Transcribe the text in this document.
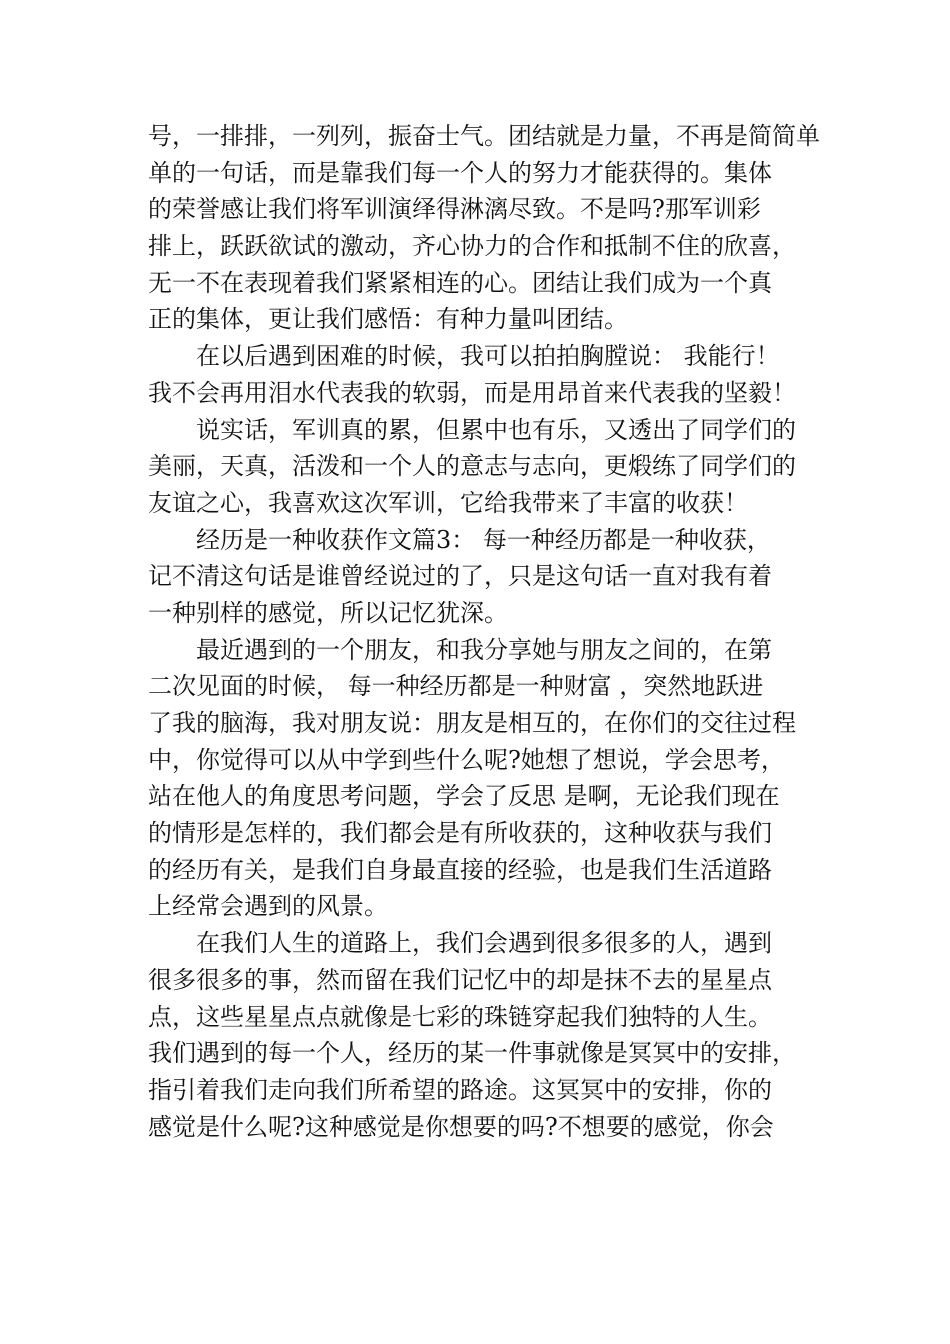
号，一排排，一列列，振奋士气。团结就是力量，不再是简简单
单的一句话，而是靠我们每一个人的努力才能获得的。集体
的荣誉感让我们将军训演绎得淋漓尽致。不是吗?那军训彩
排上，跃跃欲试的激动，齐心协力的合作和抵制不住的欣喜，
无一不在表现着我们紧紧相连的心。团结让我们成为一个真
正的集体，更让我们感悟：有种力量叫团结。
在以后遇到困难的时候，我可以拍拍胸膛说： 我能行！
我不会再用泪水代表我的软弱，而是用昂首来代表我的坚毅！
说实话，军训真的累，但累中也有乐，又透出了同学们的
美丽，天真，活泼和一个人的意志与志向，更煅练了同学们的
友谊之心，我喜欢这次军训，它给我带来了丰富的收获！
经历是一种收获作文篇3： 每一种经历都是一种收获，
记不清这句话是谁曾经说过的了，只是这句话一直对我有着
一种别样的感觉，所以记忆犹深。
最近遇到的一个朋友，和我分享她与朋友之间的，在第
二次见面的时候， 每一种经历都是一种财富 ，突然地跃进
了我的脑海，我对朋友说：朋友是相互的，在你们的交往过程
中，你觉得可以从中学到些什么呢?她想了想说，学会思考，
站在他人的角度思考问题，学会了反思 是啊，无论我们现在
的情形是怎样的，我们都会是有所收获的，这种收获与我们
的经历有关，是我们自身最直接的经验，也是我们生活道路
上经常会遇到的风景。
在我们人生的道路上，我们会遇到很多很多的人，遇到
很多很多的事，然而留在我们记忆中的却是抹不去的星星点
点，这些星星点点就像是七彩的珠链穿起我们独特的人生。
我们遇到的每一个人，经历的某一件事就像是冥冥中的安排，
指引着我们走向我们所希望的路途。这冥冥中的安排，你的
感觉是什么呢?这种感觉是你想要的吗?不想要的感觉，你会
